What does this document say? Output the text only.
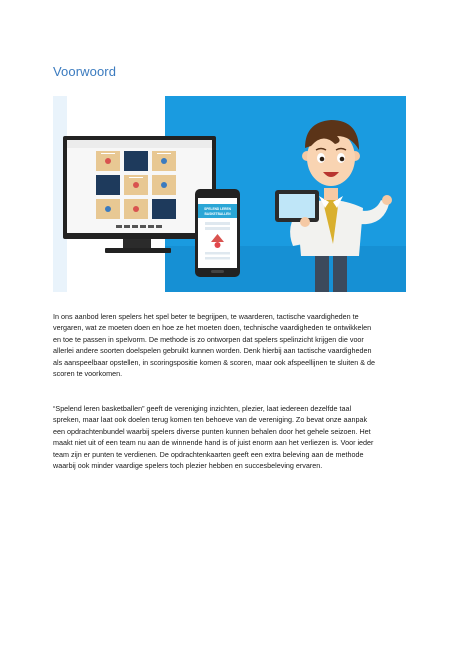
Voorwoord
SPELEND LEREN
BASKETBALLEN
In ons aanbod leren spelers het spel beter te begrijpen, te waarderen, tactische vaardigheden te
vergaren, wat ze moeten doen en hoe ze het moeten doen, technische vaardigheden te ontwikkelen
en toe te passen in spelvorm. De methode is zo ontworpen dat spelers spelinzicht krijgen die voor
allerlei andere soorten doelspelen gebruikt kunnen worden. Denk hierbij aan tactische vaardigheden
als aanspeelbaar opstellen, in scoringspositie komen & scoren, maar ook afspeellijnen te sluiten & de
scoren te voorkomen.
“Spelend leren basketballen” geeft de vereniging inzichten, plezier, laat iedereen dezelfde taal
spreken, maar laat ook doelen terug komen ten behoeve van de vereniging. Zo bevat onze aanpak
een opdrachtenbundel waarbij spelers diverse punten kunnen behalen door het gehele seizoen. Het
maakt niet uit of een team nu aan de winnende hand is of juist enorm aan het verliezen is. Voor ieder
team zijn er punten te verdienen. De opdrachtenkaarten geeft een extra beleving aan de methode
waarbij ook minder vaardige spelers toch plezier hebben en succesbeleving ervaren.
